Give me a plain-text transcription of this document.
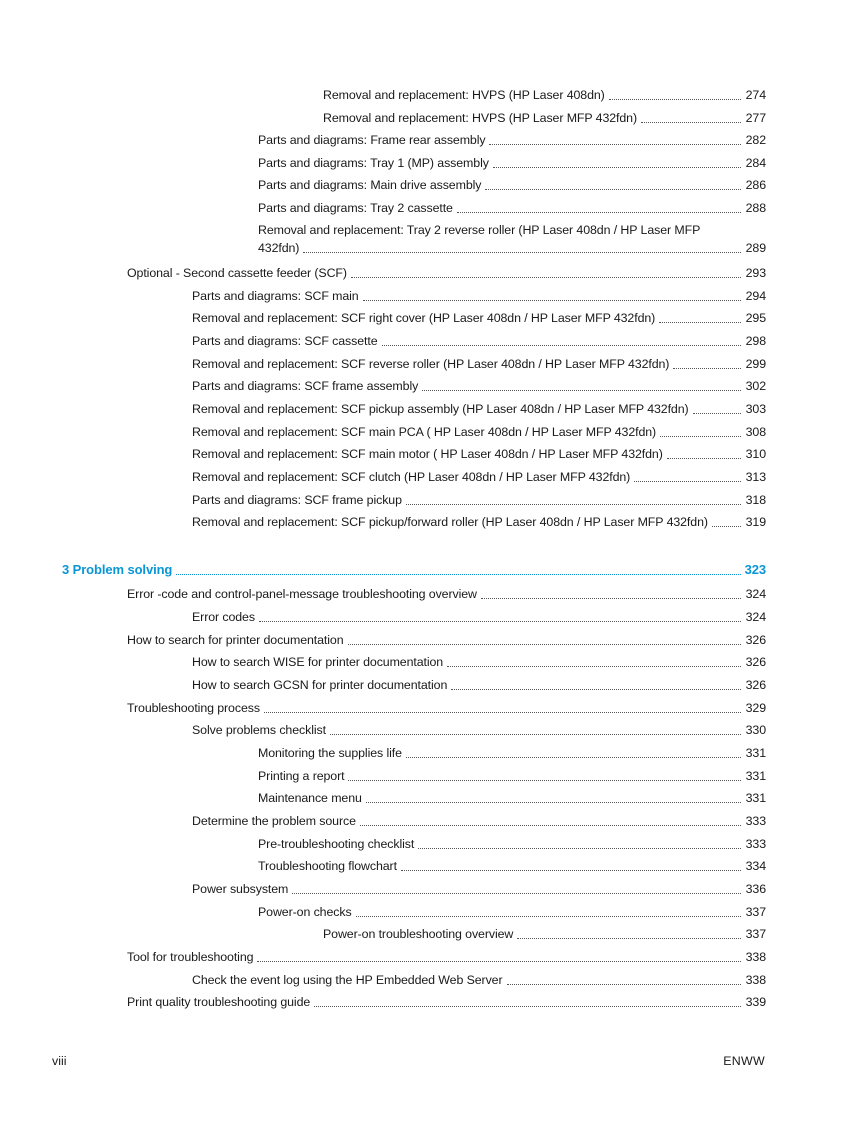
Removal and replacement: HVPS (HP Laser 408dn)	274
Removal and replacement: HVPS (HP Laser MFP 432fdn)	277
Parts and diagrams: Frame rear assembly	282
Parts and diagrams: Tray 1 (MP) assembly	284
Parts and diagrams: Main drive assembly	286
Parts and diagrams: Tray 2 cassette	288
Removal and replacement: Tray 2 reverse roller (HP Laser 408dn / HP Laser MFP
432fdn)	289
Optional - Second cassette feeder (SCF)	293
Parts and diagrams: SCF main	294
Removal and replacement: SCF right cover (HP Laser 408dn / HP Laser MFP 432fdn)	295
Parts and diagrams: SCF cassette	298
Removal and replacement: SCF reverse roller (HP Laser 408dn / HP Laser MFP 432fdn)	299
Parts and diagrams: SCF frame assembly	302
Removal and replacement: SCF pickup assembly (HP Laser 408dn / HP Laser MFP 432fdn)	303
Removal and replacement: SCF main PCA ( HP Laser 408dn / HP Laser MFP 432fdn)	308
Removal and replacement: SCF main motor ( HP Laser 408dn / HP Laser MFP 432fdn)	310
Removal and replacement: SCF clutch (HP Laser 408dn / HP Laser MFP 432fdn)	313
Parts and diagrams: SCF frame pickup	318
Removal and replacement: SCF pickup/forward roller (HP Laser 408dn / HP Laser MFP 432fdn)	319
3 Problem solving	323
Error -code and control-panel-message troubleshooting overview	324
Error codes	324
How to search for printer documentation	326
How to search WISE for printer documentation	326
How to search GCSN for printer documentation	326
Troubleshooting process	329
Solve problems checklist	330
Monitoring the supplies life	331
Printing a report	331
Maintenance menu	331
Determine the problem source	333
Pre-troubleshooting checklist	333
Troubleshooting flowchart	334
Power subsystem	336
Power-on checks	337
Power-on troubleshooting overview	337
Tool for troubleshooting	338
Check the event log using the HP Embedded Web Server	338
Print quality troubleshooting guide	339
viii	ENWW
